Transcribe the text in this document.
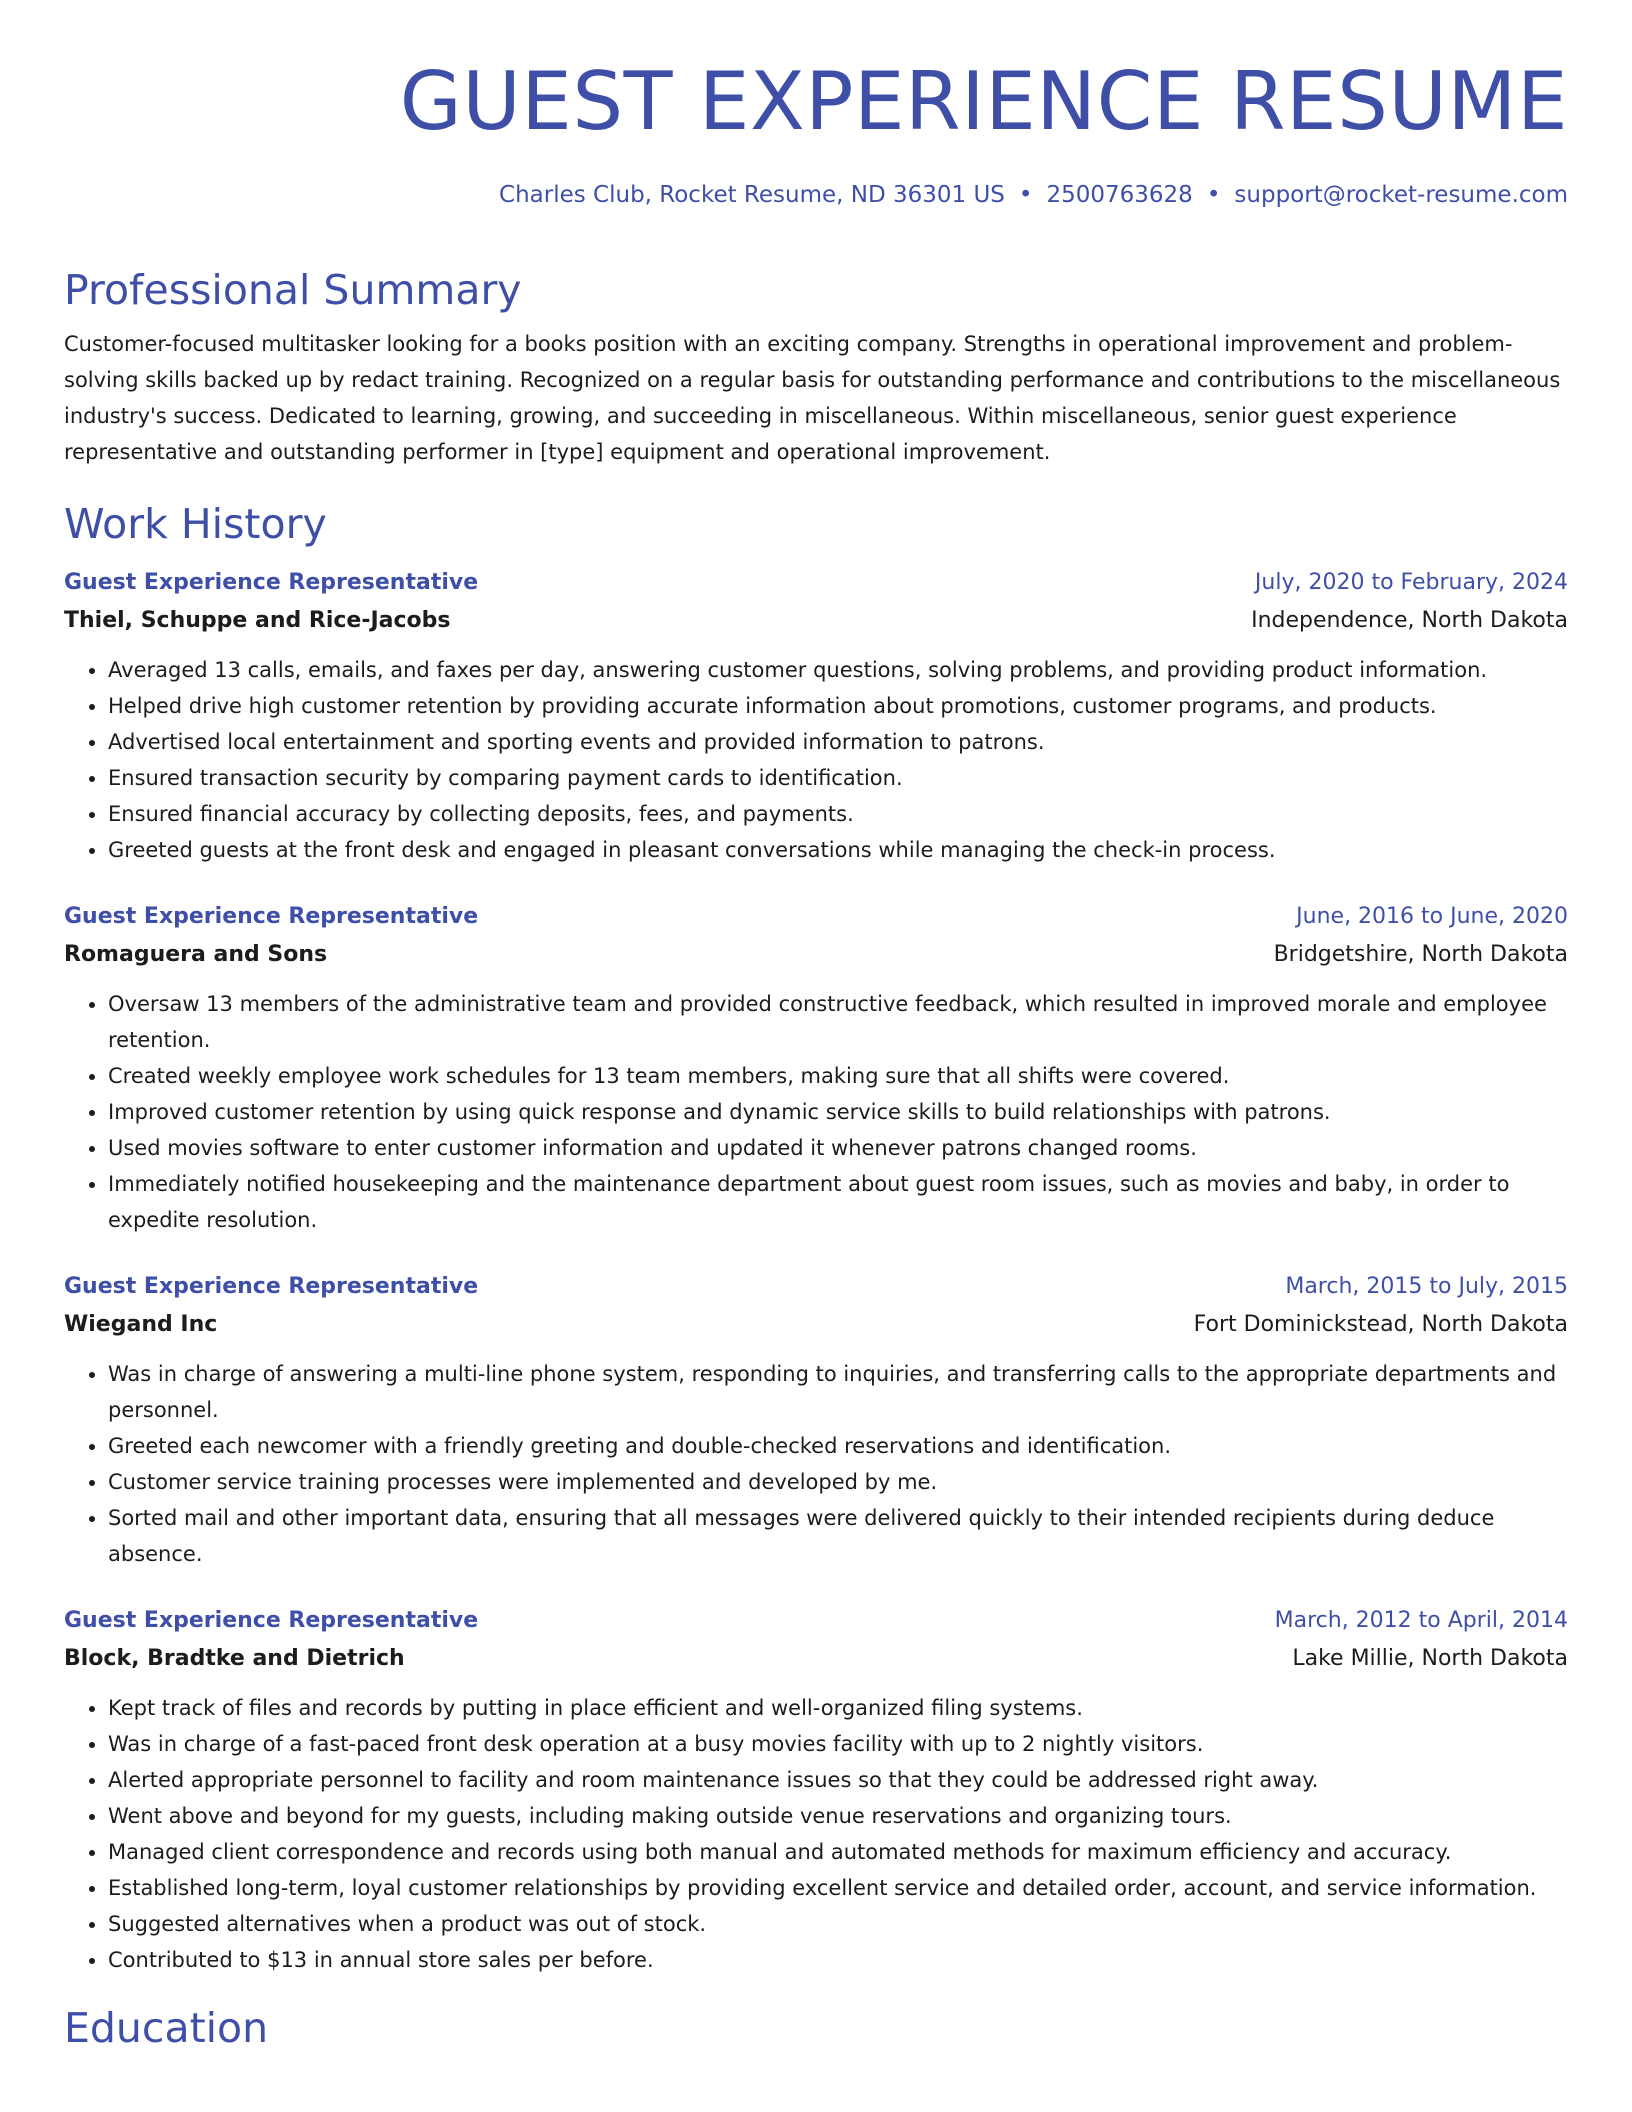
GUEST EXPERIENCE RESUME
Charles Club, Rocket Resume, ND 36301 US • 2500763628 • support@rocket-resume.com
Professional Summary

Customer-focused multitasker looking for a books position with an exciting company. Strengths in operational improvement and problem-solving skills backed up by redact training. Recognized on a regular basis for outstanding performance and contributions to the miscellaneous industry's success. Dedicated to learning, growing, and succeeding in miscellaneous. Within miscellaneous, senior guest experience representative and outstanding performer in [type] equipment and operational improvement.

Work History
Guest Experience Representative	July, 2020 to February, 2024
Thiel, Schuppe and Rice-Jacobs	Independence, North Dakota
• Averaged 13 calls, emails, and faxes per day, answering customer questions, solving problems, and providing product information.
• Helped drive high customer retention by providing accurate information about promotions, customer programs, and products.
• Advertised local entertainment and sporting events and provided information to patrons.
• Ensured transaction security by comparing payment cards to identification.
• Ensured financial accuracy by collecting deposits, fees, and payments.
• Greeted guests at the front desk and engaged in pleasant conversations while managing the check-in process.
Guest Experience Representative	June, 2016 to June, 2020
Romaguera and Sons	Bridgetshire, North Dakota
• Oversaw 13 members of the administrative team and provided constructive feedback, which resulted in improved morale and employee retention.
• Created weekly employee work schedules for 13 team members, making sure that all shifts were covered.
• Improved customer retention by using quick response and dynamic service skills to build relationships with patrons.
• Used movies software to enter customer information and updated it whenever patrons changed rooms.
• Immediately notified housekeeping and the maintenance department about guest room issues, such as movies and baby, in order to expedite resolution.
Guest Experience Representative	March, 2015 to July, 2015
Wiegand Inc	Fort Dominickstead, North Dakota
• Was in charge of answering a multi-line phone system, responding to inquiries, and transferring calls to the appropriate departments and personnel.
• Greeted each newcomer with a friendly greeting and double-checked reservations and identification.
• Customer service training processes were implemented and developed by me.
• Sorted mail and other important data, ensuring that all messages were delivered quickly to their intended recipients during deduce absence.
Guest Experience Representative	March, 2012 to April, 2014
Block, Bradtke and Dietrich	Lake Millie, North Dakota
• Kept track of files and records by putting in place efficient and well-organized filing systems.
• Was in charge of a fast-paced front desk operation at a busy movies facility with up to 2 nightly visitors.
• Alerted appropriate personnel to facility and room maintenance issues so that they could be addressed right away.
• Went above and beyond for my guests, including making outside venue reservations and organizing tours.
• Managed client correspondence and records using both manual and automated methods for maximum efficiency and accuracy.
• Established long-term, loyal customer relationships by providing excellent service and detailed order, account, and service information.
• Suggested alternatives when a product was out of stock.
• Contributed to $13 in annual store sales per before.
Education
